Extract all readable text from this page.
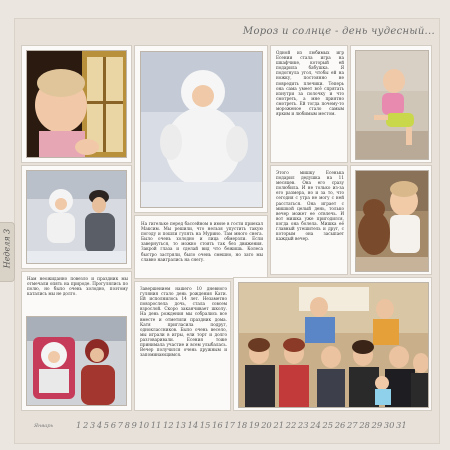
Мороз и солнце - день чудесный...
Одной из любимых игр Есении стала игра на шкафчике, который ей подарила бабушка. Я подогнула угол, чтобы ей на ножку, постоянно не повредить плечики. Теперь она сама умеет всё спрятать изнутри за полочку и что смотреть, а мне приятно смотреть. Ей тогда почему-то мороженое стало самым ярким и любимым местом.
На гигельке перед бассейном в июне в гости приехал Максим. Мы решили, что нельзя упустить такую погоду и пошли гулять на Мурино. Там много снега. Было очень холодно и лица обмерзли. Если завернуться, то можно стоять так без движения. Закрой глаза и сделай вид что бежишь. Колеса быстро застряли, было очень смешно, но зато мы славно наигрались на снегу.
Этого мишку Есенька подарил дедушка на 11 месяцев. Она его сразу полюбила. И не только из-за его размера, но и за то, что сегодня с утра не могу с ней расстаться. Она играет с мишкой целый день, только вечер может ее отвлечь. И вот мишка уже пригодился, когда она болела. Мишка её главный утешитель и друг, с которым она засыпает каждый вечер.
Нам неожиданно повезло и праздник мы отмечали опять на природе. Прогулялись по полю, но было очень холодно, поэтому катались мы не долго.
Завершением нашего 10 дневного гуляния стало день рождения Кати. Ей исполнилось 14 лет. Незаметно повзрослела дочь, стала совсем взрослой. Скоро заканчивает школу. На день рождения мы собрались все вместе и отметили праздник дома. Катя пригласила подруг, одноклассников. Было очень весело, мы играли в игры, ели торт и долго разговаривали. Есения тоже принимала участие и всем улыбалась. Вечер получился очень дружным и запоминающимся.
Неделя 3
Январь	1 2 3 4 5 6 7 8 9 10 11 12 13 14 15 16 17 18 19 20 21 22 23 24 25 26 27 28 29 30 31
